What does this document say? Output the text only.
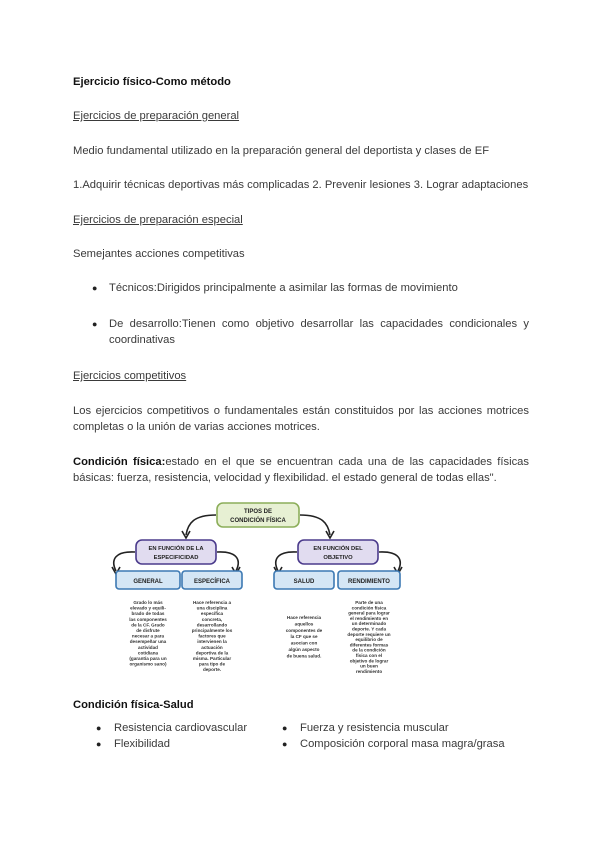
Ejercicio físico-Como método
Ejercicios de preparación general
Medio fundamental utilizado en la preparación general del deportista y clases de EF
1.Adquirir técnicas deportivas más complicadas 2. Prevenir lesiones 3. Lograr adaptaciones
Ejercicios de preparación especial
Semejantes acciones competitivas
● Técnicos:Dirigidos principalmente a asimilar las formas de movimiento
● De desarrollo:Tienen como objetivo desarrollar las capacidades condicionales y coordinativas
Ejercicios competitivos
Los ejercicios competitivos o fundamentales están constituidos por las acciones motrices completas o la unión de varias acciones motrices.
Condición física:estado en el que se encuentran cada una de las capacidades físicas básicas: fuerza, resistencia, velocidad y flexibilidad. el estado general de todas ellas".
TIPOS DE
CONDICIÓN FÍSICA
EN FUNCIÓN DE LA
ESPECIFICIDAD
EN FUNCIÓN DEL
OBJETIVO
GENERAL	ESPECÍFICA	SALUD	RENDIMIENTO
Grado lo más
elevado y equili-
brado de todas
las componentes
de la CF. Grado
de disfrute
necesar a para
desempeñar una
actividad
cotidiana
(garantía para un
organismo sano)
Hace referencia a
una disciplina
específica
concreta,
desarrollando
principalmente los
factores que
intervienen la
actuación
deportiva de la
misma. Particular
para tipo de
deporte.
Hace referencia
aquellos
componentes de
la CF que se
asocian con
algún aspecto
de buena salud.
Parte de una
condición física
general para lograr
el rendimiento en
un determinado
deporte. Y cada
deporte requiere un
equilibrio de
diferentes formas
de la condición
física con el
objetivo de lograr
un buen
rendimiento
Condición física-Salud
● Resistencia cardiovascular	● Fuerza y resistencia muscular
● Flexibilidad	● Composición corporal masa magra/grasa
